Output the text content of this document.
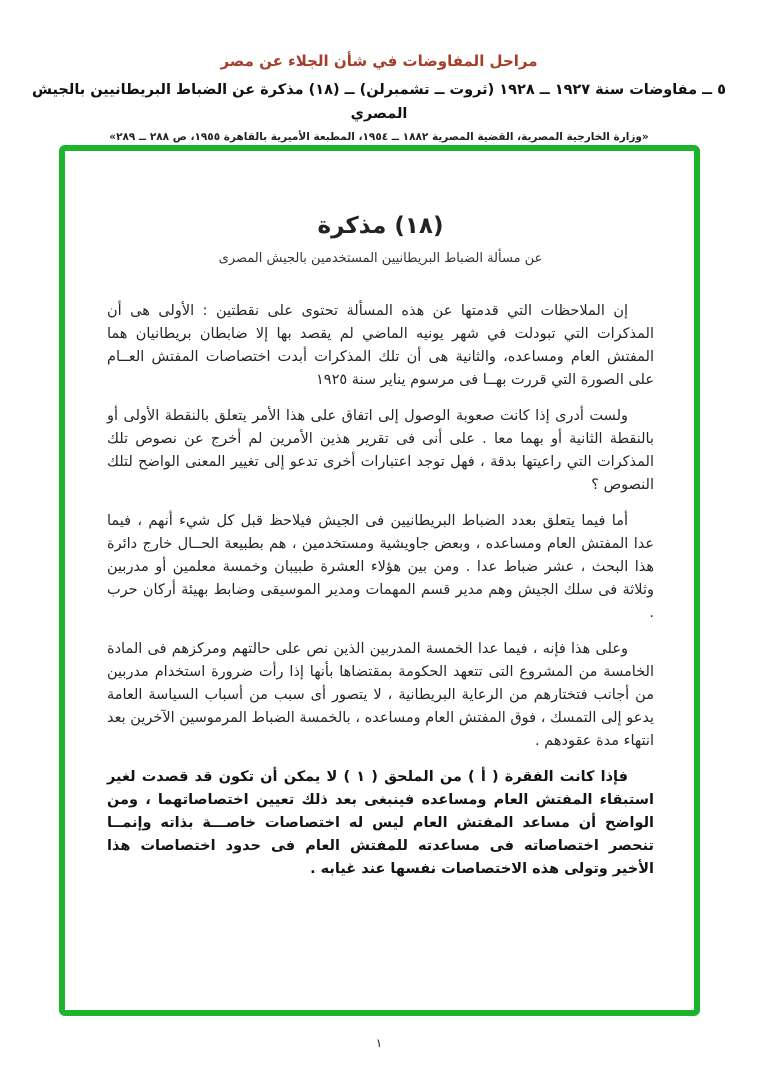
مراحل المفاوضات في شأن الجلاء عن مصر
٥ ــ مفاوضات سنة ١٩٢٧ ــ ١٩٢٨ (ثروت ــ تشمبرلن) ــ (١٨) مذكرة عن الضباط البريطانيين بالجيش المصري
«وزارة الخارجية المصرية، القضية المصرية ١٨٨٢ ــ ١٩٥٤، المطبعة الأميرية بالقاهرة ١٩٥٥، ص ٢٨٨ ــ ٢٨٩»
(١٨) مذكرة
عن مسألة الضباط البريطانيين المستخدمين بالجيش المصرى

إن الملاحظات التي قدمتها عن هذه المسألة تحتوى على نقطتين : الأولى هى أن المذكرات التي تبودلت في شهر يونيه الماضي لم يقصد بها إلا ضابطان بريطانيان هما المفتش العام ومساعده، والثانية هى أن تلك المذكرات أبدت اختصاصات المفتش العــام على الصورة التي قررت بهــا فى مرسوم يناير سنة ١٩٢٥

ولست أدرى إذا كانت صعوبة الوصول إلى اتفاق على هذا الأمر يتعلق بالنقطة الأولى أو بالنقطة الثانية أو بهما معا . على أنى فى تقرير هذين الأمرين لم أخرج عن نصوص تلك المذكرات التي راعيتها بدقة ، فهل توجد اعتبارات أخرى تدعو إلى تغيير المعنى الواضح لتلك النصوص ؟

أما فيما يتعلق بعدد الضباط البريطانيين فى الجيش فيلاحظ قبل كل شيء أنهم ، فيما عدا المفتش العام ومساعده ، وبعض جاويشية ومستخدمين ، هم بطبيعة الحــال خارج دائرة هذا البحث ، عشر ضباط عدا . ومن بين هؤلاء العشرة طبيبان وخمسة معلمين أو مدربين وثلاثة فى سلك الجيش وهم مدير قسم المهمات ومدير الموسيقى وضابط بهيئة أركان حرب .

وعلى هذا فإنه ، فيما عدا الخمسة المدربين الذين نص على حالتهم ومركزهم فى المادة الخامسة من المشروع التى تتعهد الحكومة بمقتضاها بأنها إذا رأت ضرورة استخدام مدربين من أجانب فتختارهم من الرعاية البريطانية ، لا يتصور أى سبب من أسباب السياسة العامة يدعو إلى التمسك ، فوق المفتش العام ومساعده ، بالخمسة الضباط المرموسين الآخرين بعد انتهاء مدة عقودهم .

فإذا كانت الفقرة ( أ ) من الملحق ( ١ ) لا يمكن أن تكون قد قصدت لغير استبقاء المفتش العام ومساعده فينبغى بعد ذلك تعيين اختصاصاتهما ، ومن الواضح أن مساعد المفتش العام ليس له اختصاصات خاصـــة بذاته وإنمــا تنحصر اختصاصاته فى مساعدته للمفتش العام فى حدود اختصاصات هذا الأخير وتولى هذه الاختصاصات نفسها عند غيابه .

١
